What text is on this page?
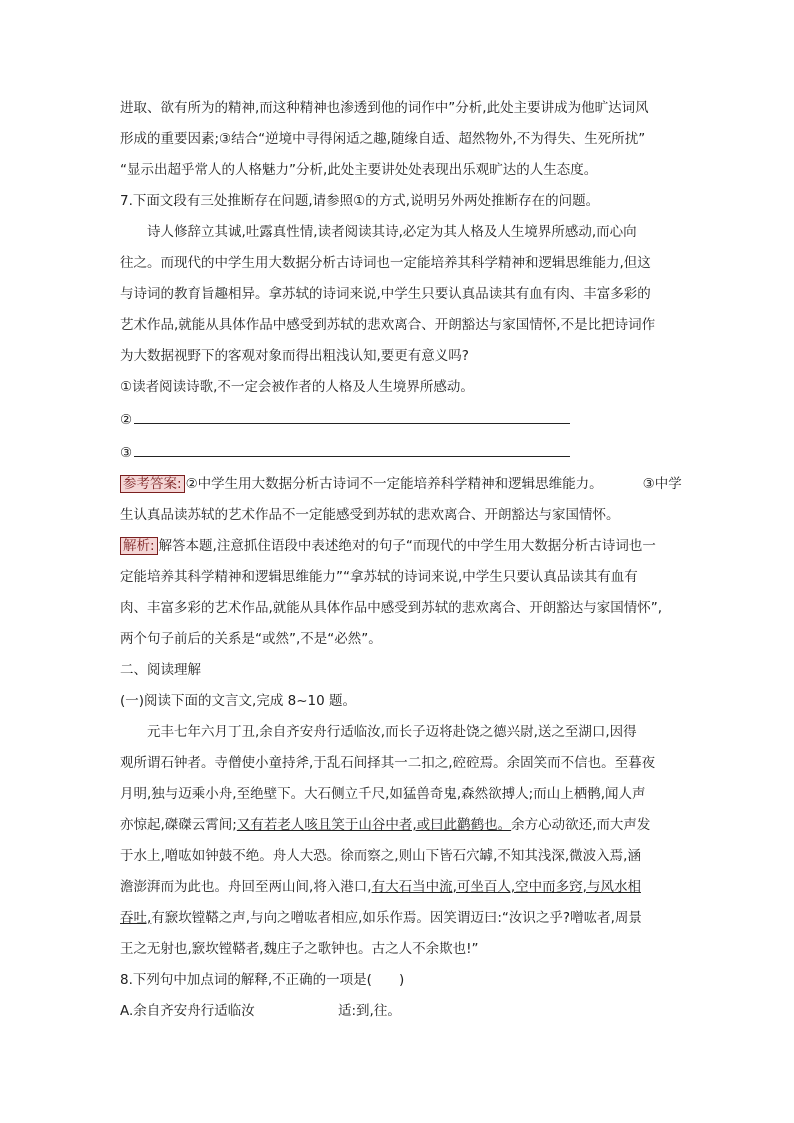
进取、欲有所为的精神,而这种精神也渗透到他的词作中”分析,此处主要讲成为他旷达词风

形成的重要因素;③结合“逆境中寻得闲适之趣,随缘自适、超然物外,不为得失、生死所扰”

“显示出超乎常人的人格魅力”分析,此处主要讲处处表现出乐观旷达的人生态度。

7.下面文段有三处推断存在问题,请参照①的方式,说明另外两处推断存在的问题。

诗人修辞立其诚,吐露真性情,读者阅读其诗,必定为其人格及人生境界所感动,而心向

往之。而现代的中学生用大数据分析古诗词也一定能培养其科学精神和逻辑思维能力,但这

与诗词的教育旨趣相异。拿苏轼的诗词来说,中学生只要认真品读其有血有肉、丰富多彩的

艺术作品,就能从具体作品中感受到苏轼的悲欢离合、开朗豁达与家国情怀,不是比把诗词作

为大数据视野下的客观对象而得出粗浅认知,要更有意义吗?

①读者阅读诗歌,不一定会被作者的人格及人生境界所感动。

②

③

参考答案: ②中学生用大数据分析古诗词不一定能培养科学精神和逻辑思维能力。	③中学

生认真品读苏轼的艺术作品不一定能感受到苏轼的悲欢离合、开朗豁达与家国情怀。

解析: 解答本题,注意抓住语段中表述绝对的句子“而现代的中学生用大数据分析古诗词也一

定能培养其科学精神和逻辑思维能力”“拿苏轼的诗词来说,中学生只要认真品读其有血有

肉、丰富多彩的艺术作品,就能从具体作品中感受到苏轼的悲欢离合、开朗豁达与家国情怀”,

两个句子前后的关系是“或然”,不是“必然”。

二、阅读理解

(一)阅读下面的文言文,完成 8~10 题。

元丰七年六月丁丑,余自齐安舟行适临汝,而长子迈将赴饶之德兴尉,送之至湖口,因得

观所谓石钟者。寺僧使小童持斧,于乱石间择其一二扣之,硿硿焉。余固笑而不信也。至暮夜

月明,独与迈乘小舟,至绝壁下。大石侧立千尺,如猛兽奇鬼,森然欲搏人;而山上栖鹘,闻人声

亦惊起,磔磔云霄间;又有若老人咳且笑于山谷中者,或曰此鹳鹤也。余方心动欲还,而大声发

于水上,噌吰如钟鼓不绝。舟人大恐。徐而察之,则山下皆石穴罅,不知其浅深,微波入焉,涵

澹澎湃而为此也。舟回至两山间,将入港口,有大石当中流,可坐百人,空中而多窍,与风水相

吞吐,有窾坎镗鞳之声,与向之噌吰者相应,如乐作焉。因笑谓迈曰:“汝识之乎?噌吰者,周景

王之无射也,窾坎镗鞳者,魏庄子之歌钟也。古之人不余欺也!”

8.下列句中加点词的解释,不正确的一项是(　　)

A.余自齐安舟行适临汝	适:到,往。
